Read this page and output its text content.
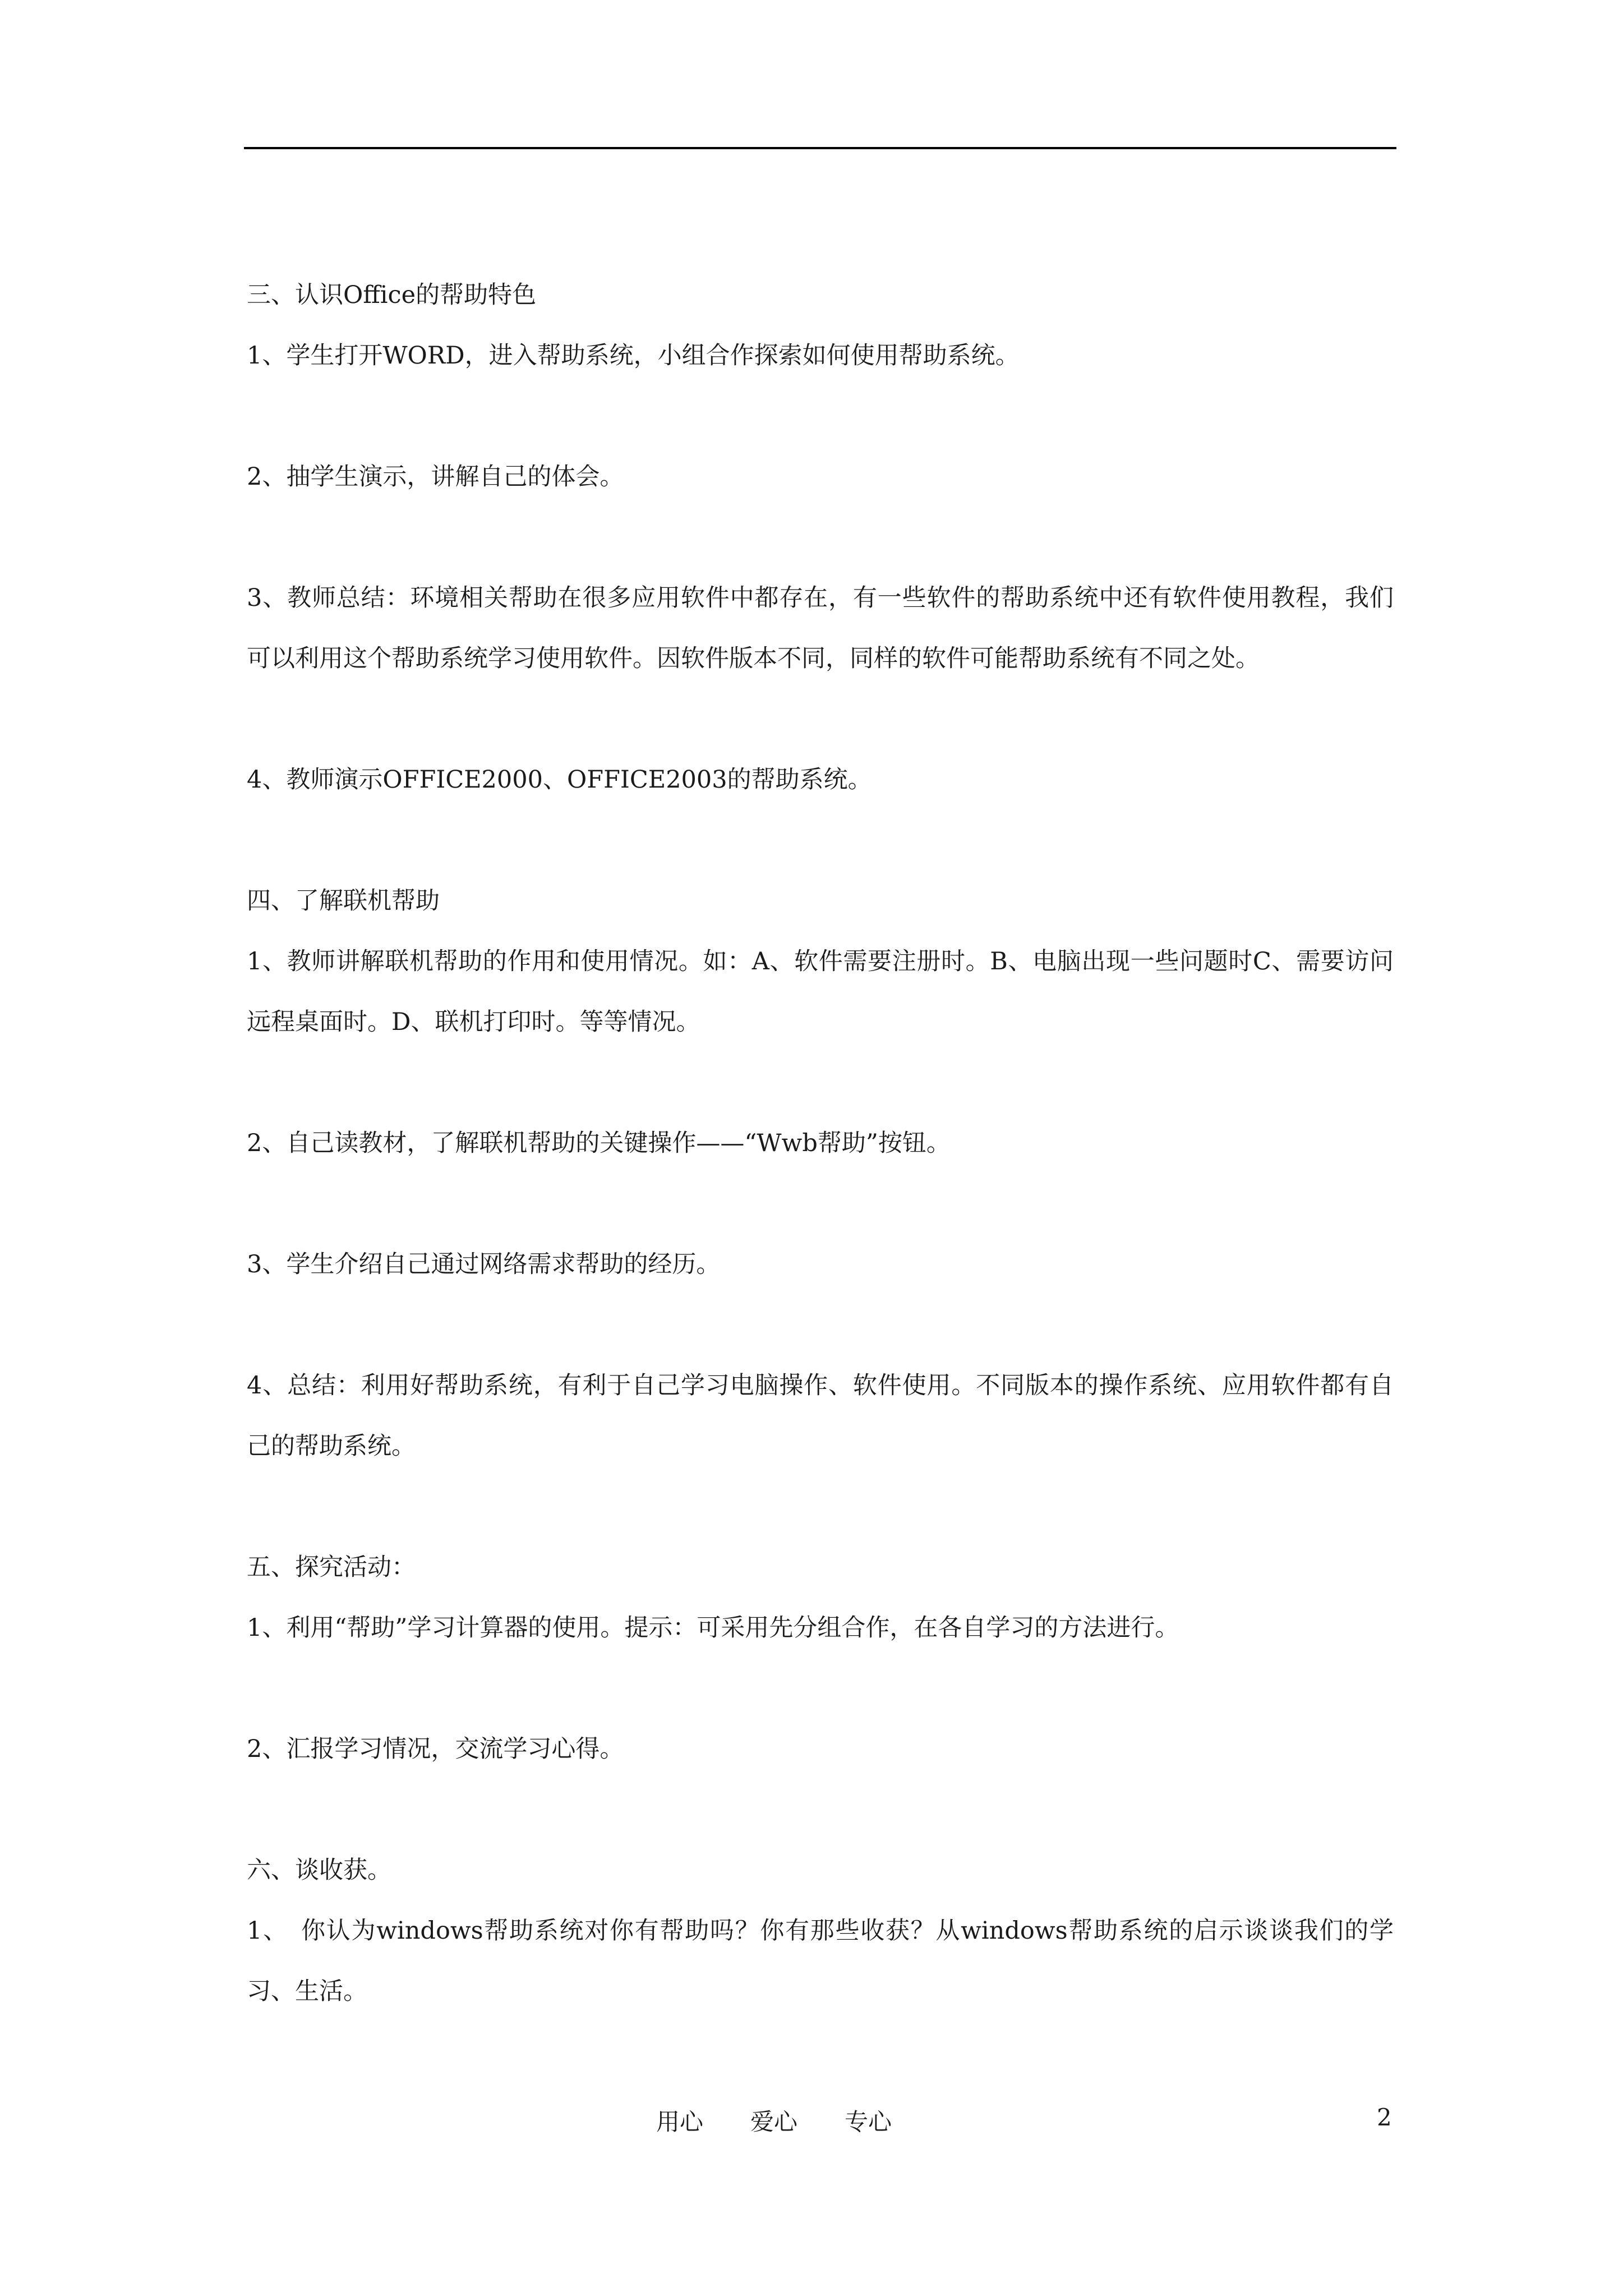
三、认识Office的帮助特色

1、学生打开WORD，进入帮助系统，小组合作探索如何使用帮助系统。

2、抽学生演示，讲解自己的体会。

3、教师总结：环境相关帮助在很多应用软件中都存在，有一些软件的帮助系统中还有软件使用教程，我们可以利用这个帮助系统学习使用软件。因软件版本不同，同样的软件可能帮助系统有不同之处。

4、教师演示OFFICE2000、OFFICE2003的帮助系统。

四、了解联机帮助

1、教师讲解联机帮助的作用和使用情况。如：A、软件需要注册时。B、电脑出现一些问题时C、需要访问远程桌面时。D、联机打印时。等等情况。

2、自己读教材，了解联机帮助的关键操作——“Wwb帮助”按钮。

3、学生介绍自己通过网络需求帮助的经历。

4、总结：利用好帮助系统，有利于自己学习电脑操作、软件使用。不同版本的操作系统、应用软件都有自己的帮助系统。

五、探究活动：

1、利用“帮助”学习计算器的使用。提示：可采用先分组合作，在各自学习的方法进行。

2、汇报学习情况，交流学习心得。

六、谈收获。

1、　你认为windows帮助系统对你有帮助吗？你有那些收获？从windows帮助系统的启示谈谈我们的学习、生活。

用心　　爱心　　专心	2
